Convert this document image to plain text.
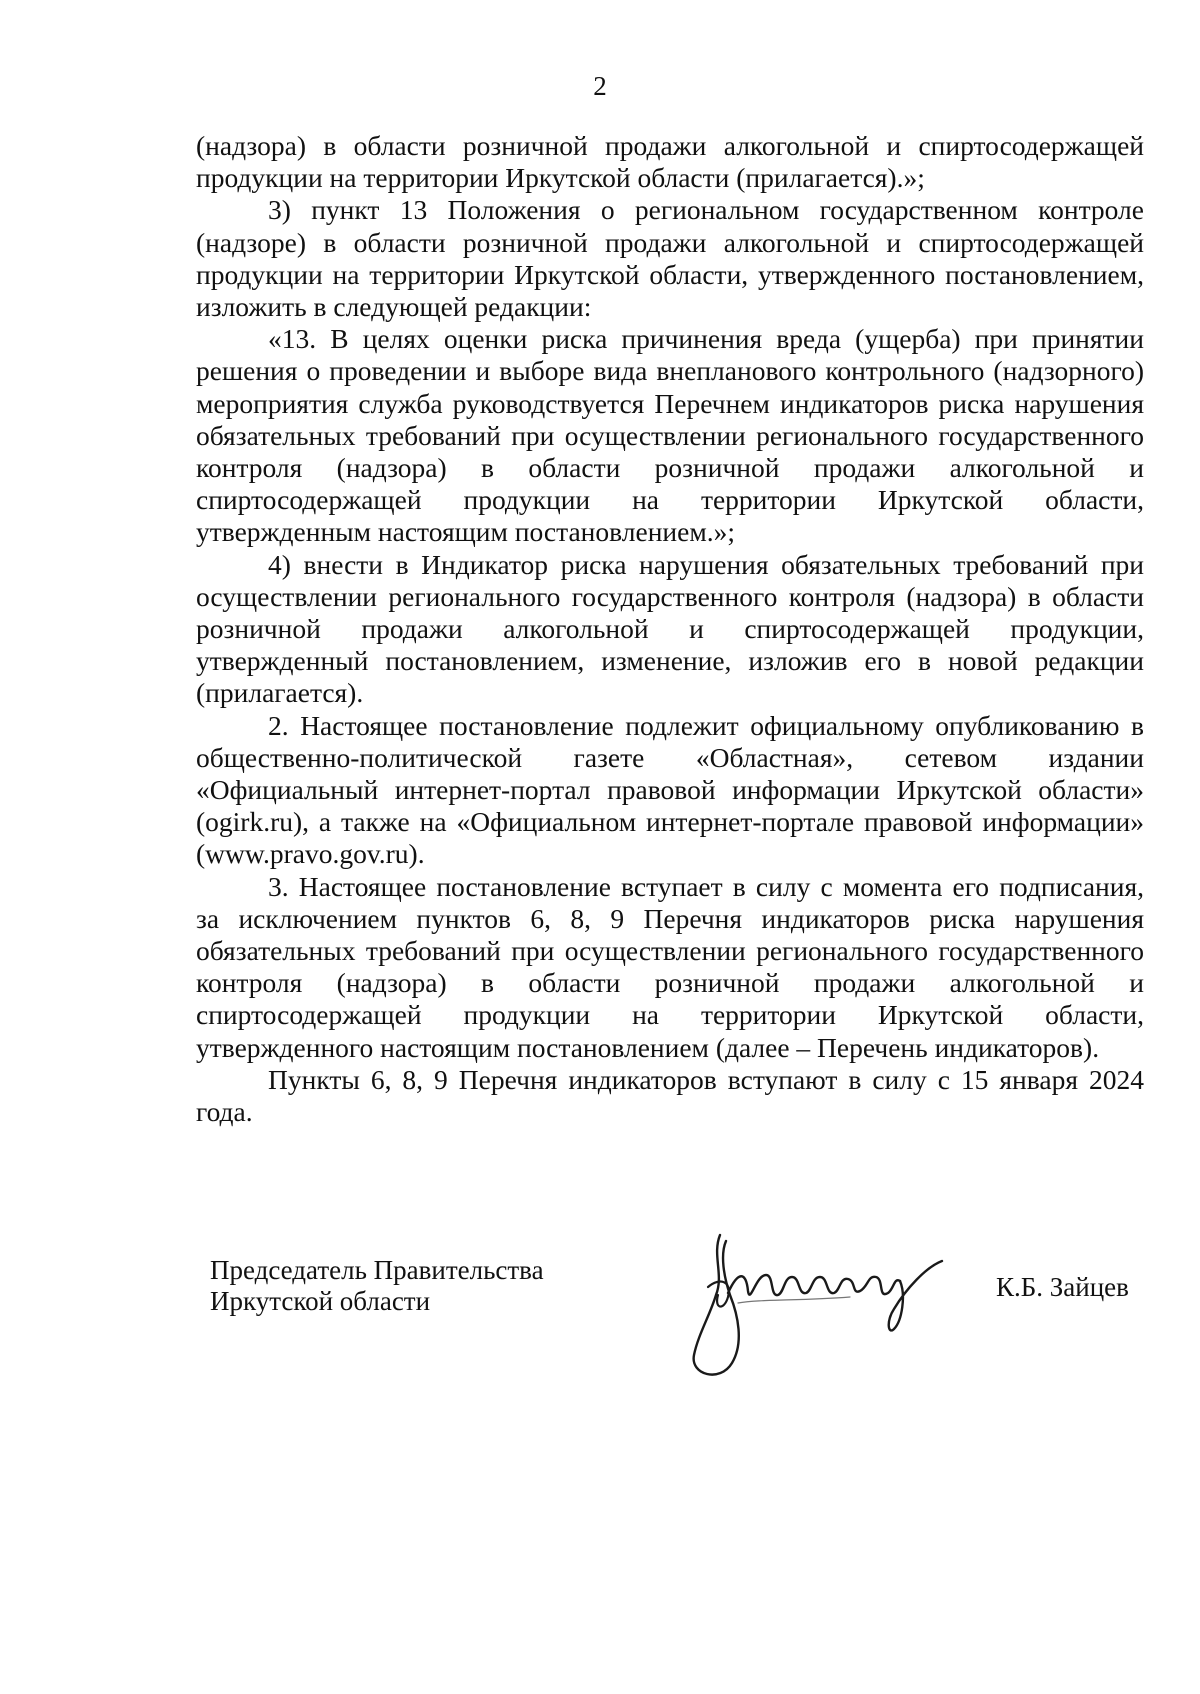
2

(надзора) в области розничной продажи алкогольной и спиртосодержащей продукции на территории Иркутской области (прилагается).»;

3) пункт 13 Положения о региональном государственном контроле (надзоре) в области розничной продажи алкогольной и спиртосодержащей продукции на территории Иркутской области, утвержденного постановлением, изложить в следующей редакции:

«13. В целях оценки риска причинения вреда (ущерба) при принятии решения о проведении и выборе вида внепланового контрольного (надзорного) мероприятия служба руководствуется Перечнем индикаторов риска нарушения обязательных требований при осуществлении регионального государственного контроля (надзора) в области розничной продажи алкогольной и спиртосодержащей продукции на территории Иркутской области, утвержденным настоящим постановлением.»;

4) внести в Индикатор риска нарушения обязательных требований при осуществлении регионального государственного контроля (надзора) в области розничной продажи алкогольной и спиртосодержащей продукции, утвержденный постановлением, изменение, изложив его в новой редакции (прилагается).

2. Настоящее постановление подлежит официальному опубликованию в общественно-политической газете «Областная», сетевом издании «Официальный интернет-портал правовой информации Иркутской области» (ogirk.ru), а также на «Официальном интернет-портале правовой информации» (www.pravo.gov.ru).

3. Настоящее постановление вступает в силу с момента его подписания, за исключением пунктов 6, 8, 9 Перечня индикаторов риска нарушения обязательных требований при осуществлении регионального государственного контроля (надзора) в области розничной продажи алкогольной и спиртосодержащей продукции на территории Иркутской области, утвержденного настоящим постановлением (далее – Перечень индикаторов).

Пункты 6, 8, 9 Перечня индикаторов вступают в силу с 15 января 2024 года.

Председатель Правительства
Иркутской области	К.Б. Зайцев
